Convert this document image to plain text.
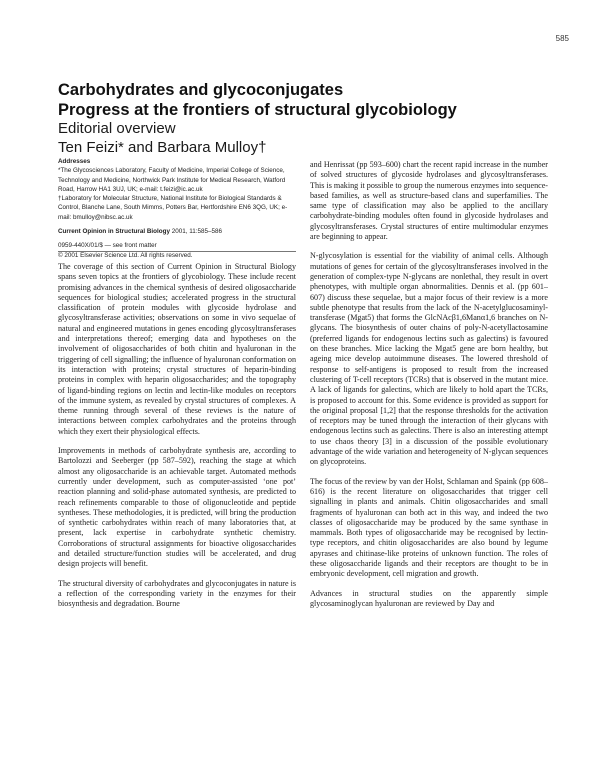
585

Carbohydrates and glycoconjugates

Progress at the frontiers of structural glycobiology

Editorial overview

Ten Feizi* and Barbara Mulloy†

Addresses

*The Glycosciences Laboratory, Faculty of Medicine, Imperial College of Science, Technology and Medicine, Northwick Park Institute for Medical Research, Watford Road, Harrow HA1 3UJ, UK; e-mail: t.feizi@ic.ac.uk

†Laboratory for Molecular Structure, National Institute for Biological Standards & Control, Blanche Lane, South Mimms, Potters Bar, Hertfordshire EN6 3QG, UK; e-mail: bmulloy@nibsc.ac.uk

Current Opinion in Structural Biology 2001, 11:585–586

0959-440X/01/$ — see front matter

© 2001 Elsevier Science Ltd. All rights reserved.

The coverage of this section of Current Opinion in Structural Biology spans seven topics at the frontiers of glycobiology. These include recent promising advances in the chemical synthesis of desired oligosaccharide sequences for biological studies; accelerated progress in the structural classification of protein modules with glycoside hydrolase and glycosyltransferase activities; observations on some in vivo sequelae of natural and engineered mutations in genes encoding glycosyltransferases and interpretations thereof; emerging data and hypotheses on the involvement of oligosaccharides of both chitin and hyaluronan in the triggering of cell signalling; the influence of hyaluronan conformation on its interaction with proteins; crystal structures of heparin-binding proteins in complex with heparin oligosaccharides; and the topography of ligand-binding regions on lectin and lectin-like modules on receptors of the immune system, as revealed by crystal structures of complexes. A theme running through several of these reviews is the nature of interactions between complex carbohydrates and the proteins through which they exert their physiological effects.

Improvements in methods of carbohydrate synthesis are, according to Bartolozzi and Seeberger (pp 587–592), reaching the stage at which almost any oligosaccharide is an achievable target. Automated methods currently under development, such as computer-assisted ‘one pot’ reaction planning and solid-phase automated synthesis, are predicted to reach refinements comparable to those of oligonucleotide and peptide syntheses. These methodologies, it is predicted, will bring the production of synthetic carbohydrates within reach of many laboratories that, at present, lack expertise in carbohydrate synthetic chemistry. Corroborations of structural assignments for bioactive oligosaccharides and detailed structure/function studies will be accelerated, and drug design projects will benefit.

The structural diversity of carbohydrates and glycoconjugates in nature is a reflection of the corresponding variety in the enzymes for their biosynthesis and degradation. Bourne

and Henrissat (pp 593–600) chart the recent rapid increase in the number of solved structures of glycoside hydrolases and glycosyltransferases. This is making it possible to group the numerous enzymes into sequence-based families, as well as structure-based clans and superfamilies. The same type of classification may also be applied to the ancillary carbohydrate-binding modules often found in glycoside hydrolases and glycosyltransferases. Crystal structures of entire multimodular enzymes are beginning to appear.

N-glycosylation is essential for the viability of animal cells. Although mutations of genes for certain of the glycosyltransferases involved in the generation of complex-type N-glycans are nonlethal, they result in overt phenotypes, with multiple organ abnormalities. Dennis et al. (pp 601–607) discuss these sequelae, but a major focus of their review is a more subtle phenotype that results from the lack of the N-acetylglucosaminyl-transferase (Mgat5) that forms the GlcNAcβ1,6Manα1,6 branches on N-glycans. The biosynthesis of outer chains of poly-N-acetyllactosamine (preferred ligands for endogenous lectins such as galectins) is favoured on these branches. Mice lacking the Mgat5 gene are born healthy, but ageing mice develop autoimmune diseases. The lowered threshold of response to self-antigens is proposed to result from the increased clustering of T-cell receptors (TCRs) that is observed in the mutant mice. A lack of ligands for galectins, which are likely to hold apart the TCRs, is proposed to account for this. Some evidence is provided as support for the original proposal [1,2] that the response thresholds for the activation of receptors may be tuned through the interaction of their glycans with endogenous lectins such as galectins. There is also an interesting attempt to use chaos theory [3] in a discussion of the possible evolutionary advantage of the wide variation and heterogeneity of N-glycan sequences on glycoproteins.

The focus of the review by van der Holst, Schlaman and Spaink (pp 608–616) is the recent literature on oligosaccharides that trigger cell signalling in plants and animals. Chitin oligosaccharides and small fragments of hyaluronan can both act in this way, and indeed the two classes of oligosaccharide may be produced by the same synthase in mammals. Both types of oligosaccharide may be recognised by lectin-type receptors, and chitin oligosaccharides are also bound by legume apyrases and chitinase-like proteins of unknown function. The roles of these oligosaccharide ligands and their receptors are thought to be in embryonic development, cell migration and growth.

Advances in structural studies on the apparently simple glycosaminoglycan hyaluronan are reviewed by Day and
